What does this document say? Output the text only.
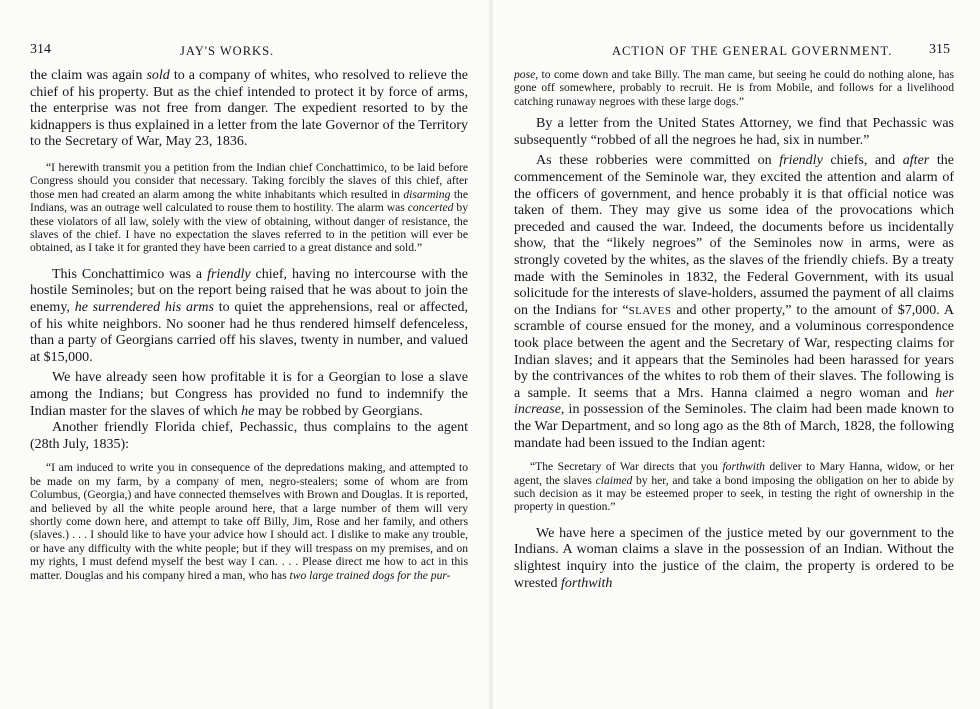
314	JAY'S WORKS.

the claim was again sold to a company of whites, who resolved to relieve the chief of his property. But as the chief intended to protect it by force of arms, the enterprise was not free from danger. The expedient resorted to by the kidnappers is thus explained in a letter from the late Governor of the Territory to the Secretary of War, May 23, 1836.

“I herewith transmit you a petition from the Indian chief Conchattimico, to be laid before Congress should you consider that necessary. Taking forcibly the slaves of this chief, after those men had created an alarm among the white inhabitants which resulted in disarming the Indians, was an outrage well calculated to rouse them to hostility. The alarm was concerted by these violators of all law, solely with the view of obtaining, without danger of resistance, the slaves of the chief. I have no expectation the slaves referred to in the petition will ever be obtained, as I take it for granted they have been carried to a great distance and sold.”

This Conchattimico was a friendly chief, having no intercourse with the hostile Seminoles; but on the report being raised that he was about to join the enemy, he surrendered his arms to quiet the apprehensions, real or affected, of his white neighbors. No sooner had he thus rendered himself defenceless, than a party of Georgians carried off his slaves, twenty in number, and valued at $15,000.

We have already seen how profitable it is for a Georgian to lose a slave among the Indians; but Congress has provided no fund to indemnify the Indian master for the slaves of which he may be robbed by Georgians.

Another friendly Florida chief, Pechassic, thus complains to the agent (28th July, 1835):

“I am induced to write you in consequence of the depredations making, and attempted to be made on my farm, by a company of men, negro-stealers; some of whom are from Columbus, (Georgia,) and have connected themselves with Brown and Douglas. It is reported, and believed by all the white people around here, that a large number of them will very shortly come down here, and attempt to take off Billy, Jim, Rose and her family, and others (slaves.) . . . I should like to have your advice how I should act. I dislike to make any trouble, or have any difficulty with the white people; but if they will trespass on my premises, and on my rights, I must defend myself the best way I can. . . . Please direct me how to act in this matter. Douglas and his company hired a man, who has two large trained dogs for the pur-

ACTION OF THE GENERAL GOVERNMENT.	315

pose, to come down and take Billy. The man came, but seeing he could do nothing alone, has gone off somewhere, probably to recruit. He is from Mobile, and follows for a livelihood catching runaway negroes with these large dogs.”

By a letter from the United States Attorney, we find that Pechassic was subsequently “robbed of all the negroes he had, six in number.”

As these robberies were committed on friendly chiefs, and after the commencement of the Seminole war, they excited the attention and alarm of the officers of government, and hence probably it is that official notice was taken of them. They may give us some idea of the provocations which preceded and caused the war. Indeed, the documents before us incidentally show, that the “likely negroes” of the Seminoles now in arms, were as strongly coveted by the whites, as the slaves of the friendly chiefs. By a treaty made with the Seminoles in 1832, the Federal Government, with its usual solicitude for the interests of slave-holders, assumed the payment of all claims on the Indians for “SLAVES and other property,” to the amount of $7,000. A scramble of course ensued for the money, and a voluminous correspondence took place between the agent and the Secretary of War, respecting claims for Indian slaves; and it appears that the Seminoles had been harassed for years by the contrivances of the whites to rob them of their slaves. The following is a sample. It seems that a Mrs. Hanna claimed a negro woman and her increase, in possession of the Seminoles. The claim had been made known to the War Department, and so long ago as the 8th of March, 1828, the following mandate had been issued to the Indian agent:

“The Secretary of War directs that you forthwith deliver to Mary Hanna, widow, or her agent, the slaves claimed by her, and take a bond imposing the obligation on her to abide by such decision as it may be esteemed proper to seek, in testing the right of ownership in the property in question.”

We have here a specimen of the justice meted by our government to the Indians. A woman claims a slave in the possession of an Indian. Without the slightest inquiry into the justice of the claim, the property is ordered to be wrested forthwith
